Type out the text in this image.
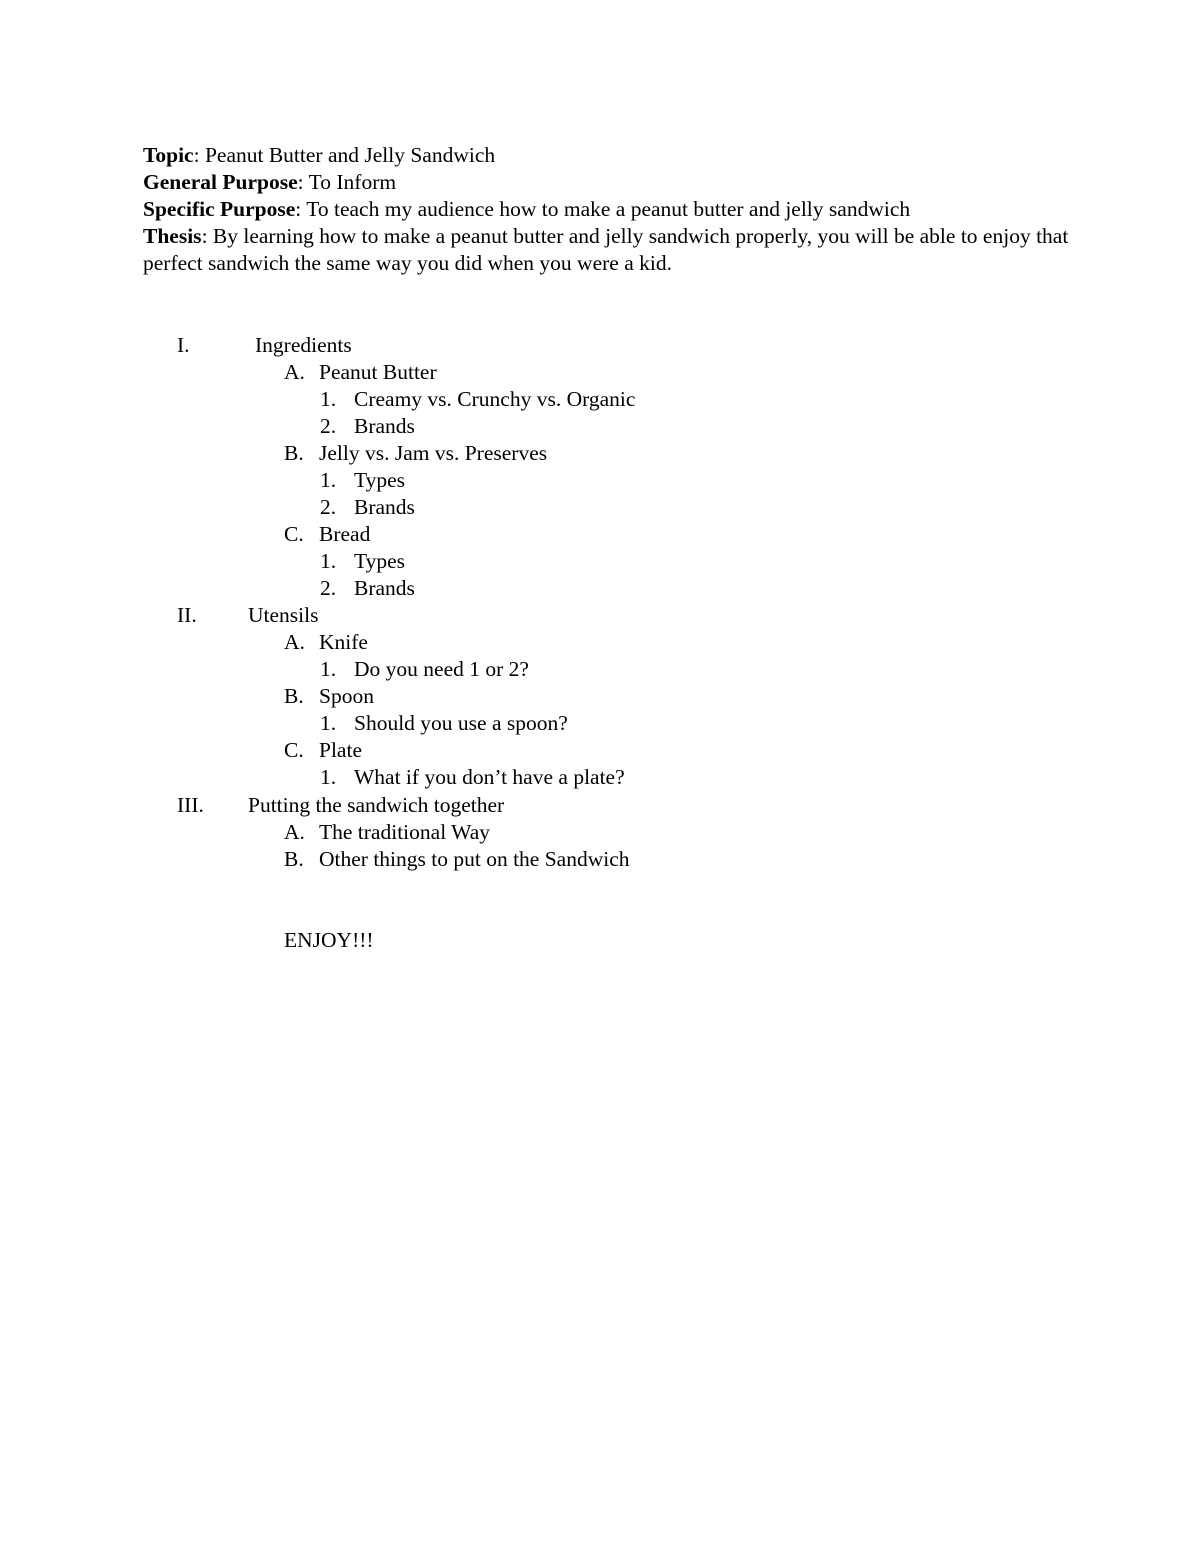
Topic: Peanut Butter and Jelly Sandwich

General Purpose: To Inform

Specific Purpose: To teach my audience how to make a peanut butter and jelly sandwich

Thesis: By learning how to make a peanut butter and jelly sandwich properly, you will be able to enjoy that perfect sandwich the same way you did when you were a kid.

I.	Ingredients
A. Peanut Butter
1. Creamy vs. Crunchy vs. Organic
2. Brands
B. Jelly vs. Jam vs. Preserves
1. Types
2. Brands
C. Bread
1. Types
2. Brands
II. Utensils
A. Knife
1. Do you need 1 or 2?
B. Spoon
1. Should you use a spoon?
C. Plate
1. What if you don’t have a plate?
III. Putting the sandwich together
A. The traditional Way
B. Other things to put on the Sandwich
ENJOY!!!
